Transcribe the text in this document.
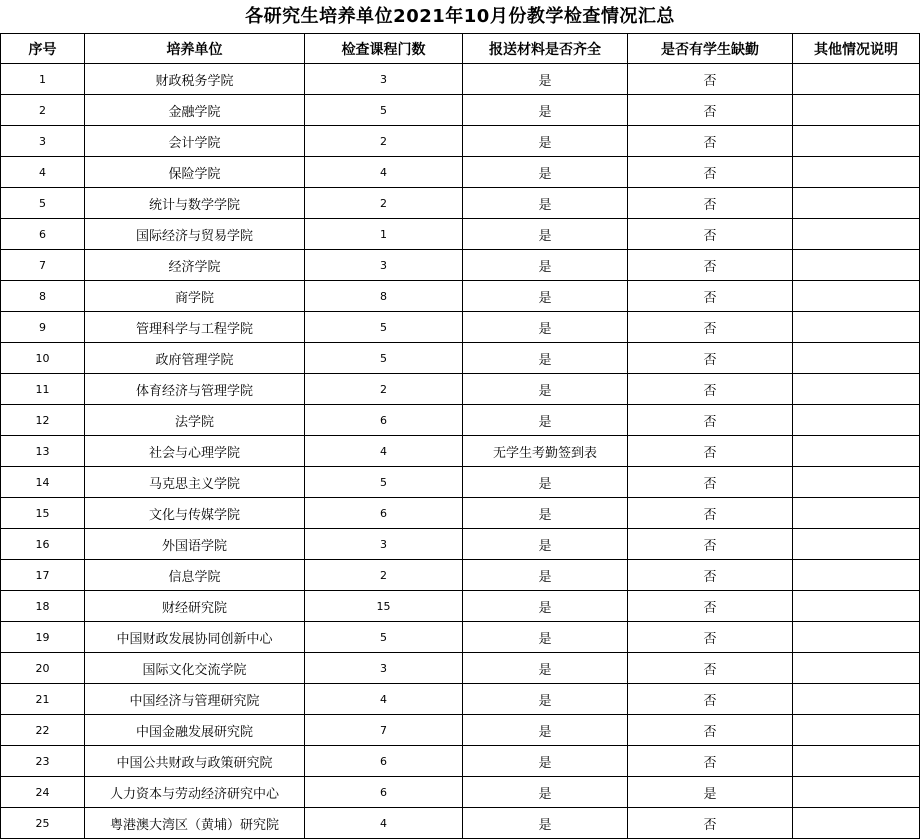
各研究生培养单位2021年10月份教学检查情况汇总
序号	培养单位	检查课程门数	报送材料是否齐全	是否有学生缺勤	其他情况说明
1	财政税务学院	3	是	否	
2	金融学院	5	是	否	
3	会计学院	2	是	否	
4	保险学院	4	是	否	
5	统计与数学学院	2	是	否	
6	国际经济与贸易学院	1	是	否	
7	经济学院	3	是	否	
8	商学院	8	是	否	
9	管理科学与工程学院	5	是	否	
10	政府管理学院	5	是	否	
11	体育经济与管理学院	2	是	否	
12	法学院	6	是	否	
13	社会与心理学院	4	无学生考勤签到表	否	
14	马克思主义学院	5	是	否	
15	文化与传媒学院	6	是	否	
16	外国语学院	3	是	否	
17	信息学院	2	是	否	
18	财经研究院	15	是	否	
19	中国财政发展协同创新中心	5	是	否	
20	国际文化交流学院	3	是	否	
21	中国经济与管理研究院	4	是	否	
22	中国金融发展研究院	7	是	否	
23	中国公共财政与政策研究院	6	是	否	
24	人力资本与劳动经济研究中心	6	是	是	
25	粤港澳大湾区（黄埔）研究院	4	是	否	
